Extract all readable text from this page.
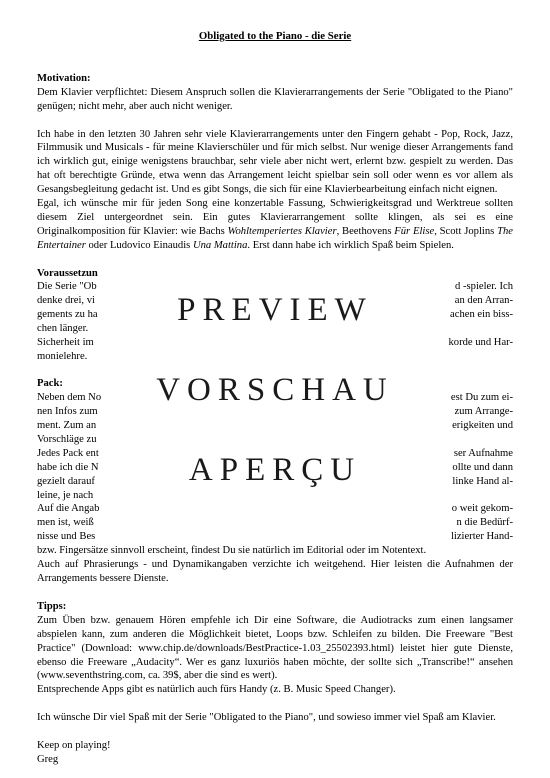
Obligated to the Piano - die Serie

Motivation:

Dem Klavier verpflichtet: Diesem Anspruch sollen die Klavierarrangements der Serie "Obligated to the Piano" genügen; nicht mehr, aber auch nicht weniger.

Ich habe in den letzten 30 Jahren sehr viele Klavierarrangements unter den Fingern gehabt - Pop, Rock, Jazz, Filmmusik und Musicals - für meine Klavierschüler und für mich selbst. Nur wenige dieser Arrangements fand ich wirklich gut, einige wenigstens brauchbar, sehr viele aber nicht wert, erlernt bzw. gespielt zu werden. Das hat oft berechtigte Gründe, etwa wenn das Arrangement leicht spielbar sein soll oder wenn es vor allem als Gesangsbegleitung gedacht ist. Und es gibt Songs, die sich für eine Klavierbearbeitung einfach nicht eignen.

Egal, ich wünsche mir für jeden Song eine konzertable Fassung, Schwierigkeitsgrad und Werktreue sollten diesem Ziel untergeordnet sein. Ein gutes Klavierarrangement sollte klingen, als sei es eine Originalkomposition für Klavier: wie Bachs Wohltemperiertes Klavier, Beethovens Für Elise, Scott Joplins The Entertainer oder Ludovico Einaudis Una Mattina. Erst dann habe ich wirklich Spaß beim Spielen.

Voraussetzun

Die Serie "Ob	d -spieler. Ich
denke drei, vi	an den Arran-
gements zu ha	achen ein biss-
chen länger.
Sicherheit im	korde und Har-
monielehre.

Pack:

Neben dem No	est Du zum ei-
nen Infos zum	zum Arrange-
ment. Zum an	erigkeiten und
Vorschläge zu
Jedes Pack ent	ser Aufnahme
habe ich die N	ollte und dann
gezielt darauf	linke Hand al-
leine, je nach
Auf die Angab	o weit gekom-
men ist, weiß	n die Bedürf-
nisse und Bes	lizierter Hand-

bzw. Fingersätze sinnvoll erscheint, findest Du sie natürlich im Editorial oder im Notentext.

Auch auf Phrasierungs - und Dynamikangaben verzichte ich weitgehend. Hier leisten die Aufnahmen der Arrangements bessere Dienste.

Tipps:

Zum Üben bzw. genauem Hören empfehle ich Dir eine Software, die Audiotracks zum einen langsamer abspielen kann, zum anderen die Möglichkeit bietet, Loops bzw. Schleifen zu bilden. Die Freeware "Best Practice" (Download: www.chip.de/downloads/BestPractice-1.03_25502393.html) leistet hier gute Dienste, ebenso die Freeware „Audacity“. Wer es ganz luxuriös haben möchte, der sollte sich „Transcribe!“ ansehen (www.seventhstring.com, ca. 39$, aber die sind es wert).

Entsprechende Apps gibt es natürlich auch fürs Handy (z. B. Music Speed Changer).

Ich wünsche Dir viel Spaß mit der Serie "Obligated to the Piano", und sowieso immer viel Spaß am Klavier.

Keep on playing!

Greg

PREVIEW
VORSCHAU
APERÇU
